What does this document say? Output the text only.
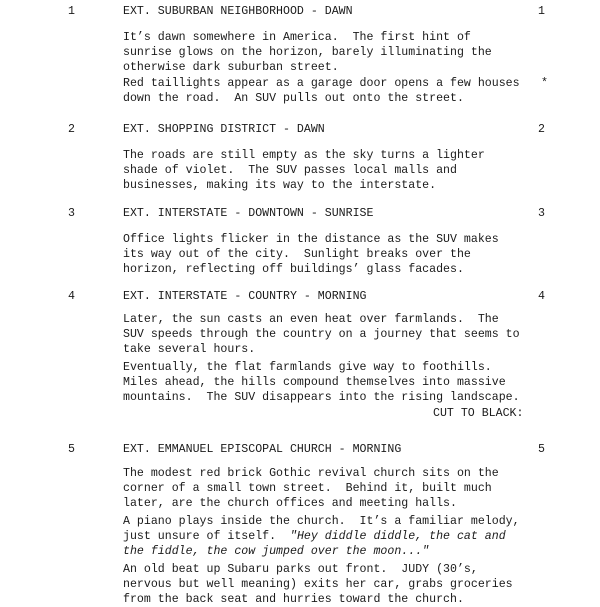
1	EXT. SUBURBAN NEIGHBORHOOD - DAWN	1
It’s dawn somewhere in America.  The first hint of
sunrise glows on the horizon, barely illuminating the
otherwise dark suburban street.
Red taillights appear as a garage door opens a few houses
down the road.  An SUV pulls out onto the street.
*
2	EXT. SHOPPING DISTRICT - DAWN	2
The roads are still empty as the sky turns a lighter
shade of violet.  The SUV passes local malls and
businesses, making its way to the interstate.
3	EXT. INTERSTATE - DOWNTOWN - SUNRISE	3
Office lights flicker in the distance as the SUV makes
its way out of the city.  Sunlight breaks over the
horizon, reflecting off buildings’ glass facades.
4	EXT. INTERSTATE - COUNTRY - MORNING	4
Later, the sun casts an even heat over farmlands.  The
SUV speeds through the country on a journey that seems to
take several hours.
Eventually, the flat farmlands give way to foothills.
Miles ahead, the hills compound themselves into massive
mountains.  The SUV disappears into the rising landscape.
CUT TO BLACK:
5	EXT. EMMANUEL EPISCOPAL CHURCH - MORNING	5
The modest red brick Gothic revival church sits on the
corner of a small town street.  Behind it, built much
later, are the church offices and meeting halls.
A piano plays inside the church.  It’s a familiar melody,
just unsure of itself. "Hey diddle diddle, the cat and
the fiddle, the cow jumped over the moon..."
An old beat up Subaru parks out front.  JUDY (30’s,
nervous but well meaning) exits her car, grabs groceries
from the back seat and hurries toward the church.
